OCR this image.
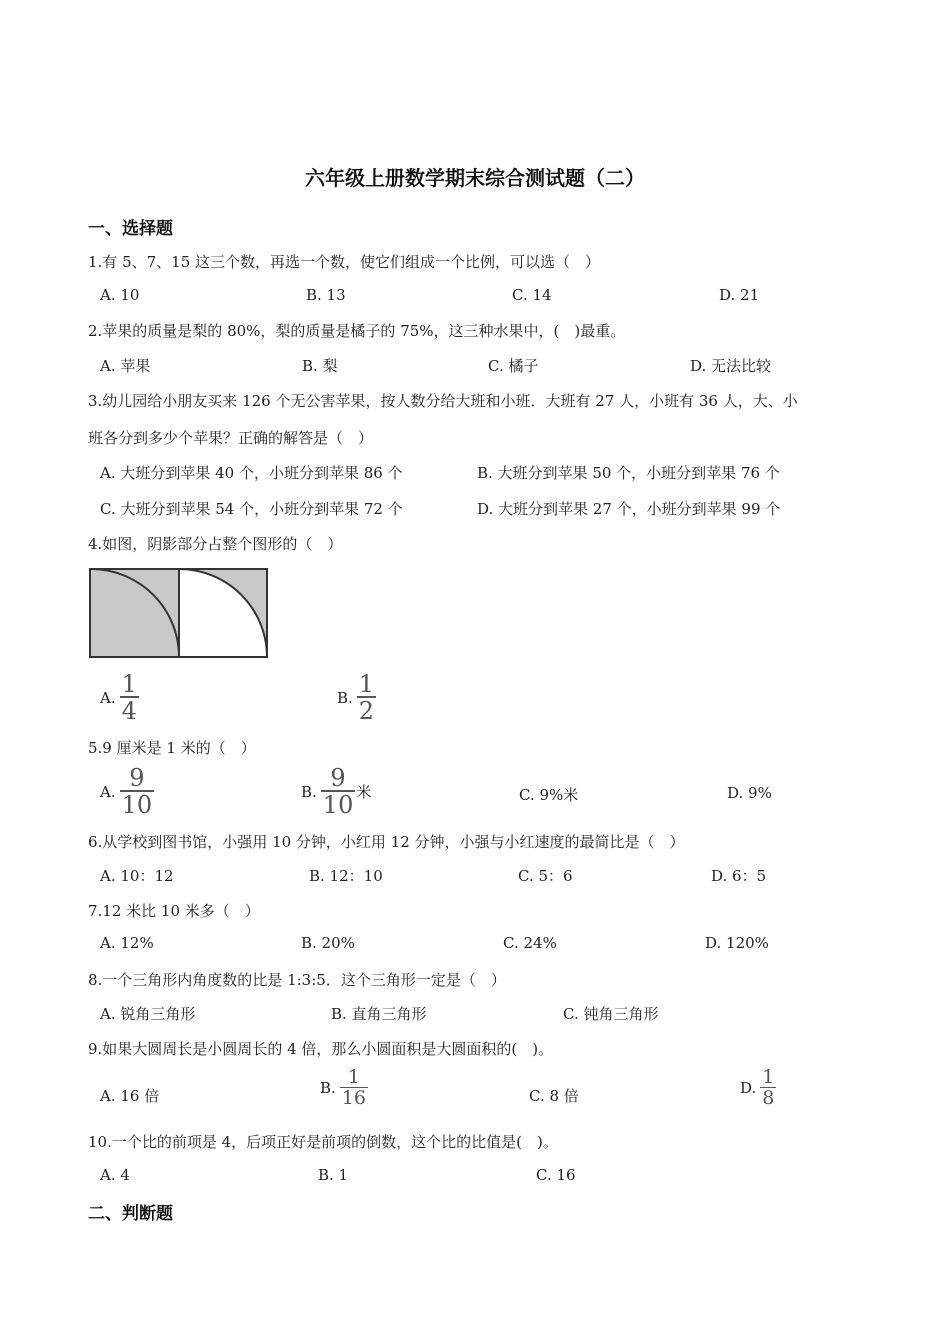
六年级上册数学期末综合测试题（二）
一、选择题
1.有 5、7、15 这三个数，再选一个数，使它们组成一个比例，可以选（　）
A. 10	B. 13	C. 14	D. 21
2.苹果的质量是梨的 80%，梨的质量是橘子的 75%，这三种水果中，(　)最重。
A. 苹果	B. 梨	C. 橘子	D. 无法比较
3.幼儿园给小朋友买来 126 个无公害苹果，按人数分给大班和小班．大班有 27 人，小班有 36 人，大、小
班各分到多少个苹果？正确的解答是（　）
A. 大班分到苹果 40 个，小班分到苹果 86 个	B. 大班分到苹果 50 个，小班分到苹果 76 个
C. 大班分到苹果 54 个，小班分到苹果 72 个	D. 大班分到苹果 27 个，小班分到苹果 99 个
4.如图，阴影部分占整个图形的（　）
A. $\frac{1}{4}$	B. $\frac{1}{2}$
5.9 厘米是 1 米的（　）
A. $\frac{9}{10}$	B. $\frac{9}{10}$ 米	C. 9%米	D. 9%
6.从学校到图书馆，小强用 10 分钟，小红用 12 分钟，小强与小红速度的最简比是（　）
A. 10：12	B. 12：10	C. 5：6	D. 6：5
7.12 米比 10 米多（　）
A. 12%	B. 20%	C. 24%	D. 120%
8.一个三角形内角度数的比是 1:3:5．这个三角形一定是（　）
A. 锐角三角形	B. 直角三角形	C. 钝角三角形
9.如果大圆周长是小圆周长的 4 倍，那么小圆面积是大圆面积的(　)。
A. 16 倍	B. $\frac{1}{16}$	C. 8 倍	D. $\frac{1}{8}$
10.一个比的前项是 4，后项正好是前项的倒数，这个比的比值是(　)。
A. 4	B. 1	C. 16
二、判断题
